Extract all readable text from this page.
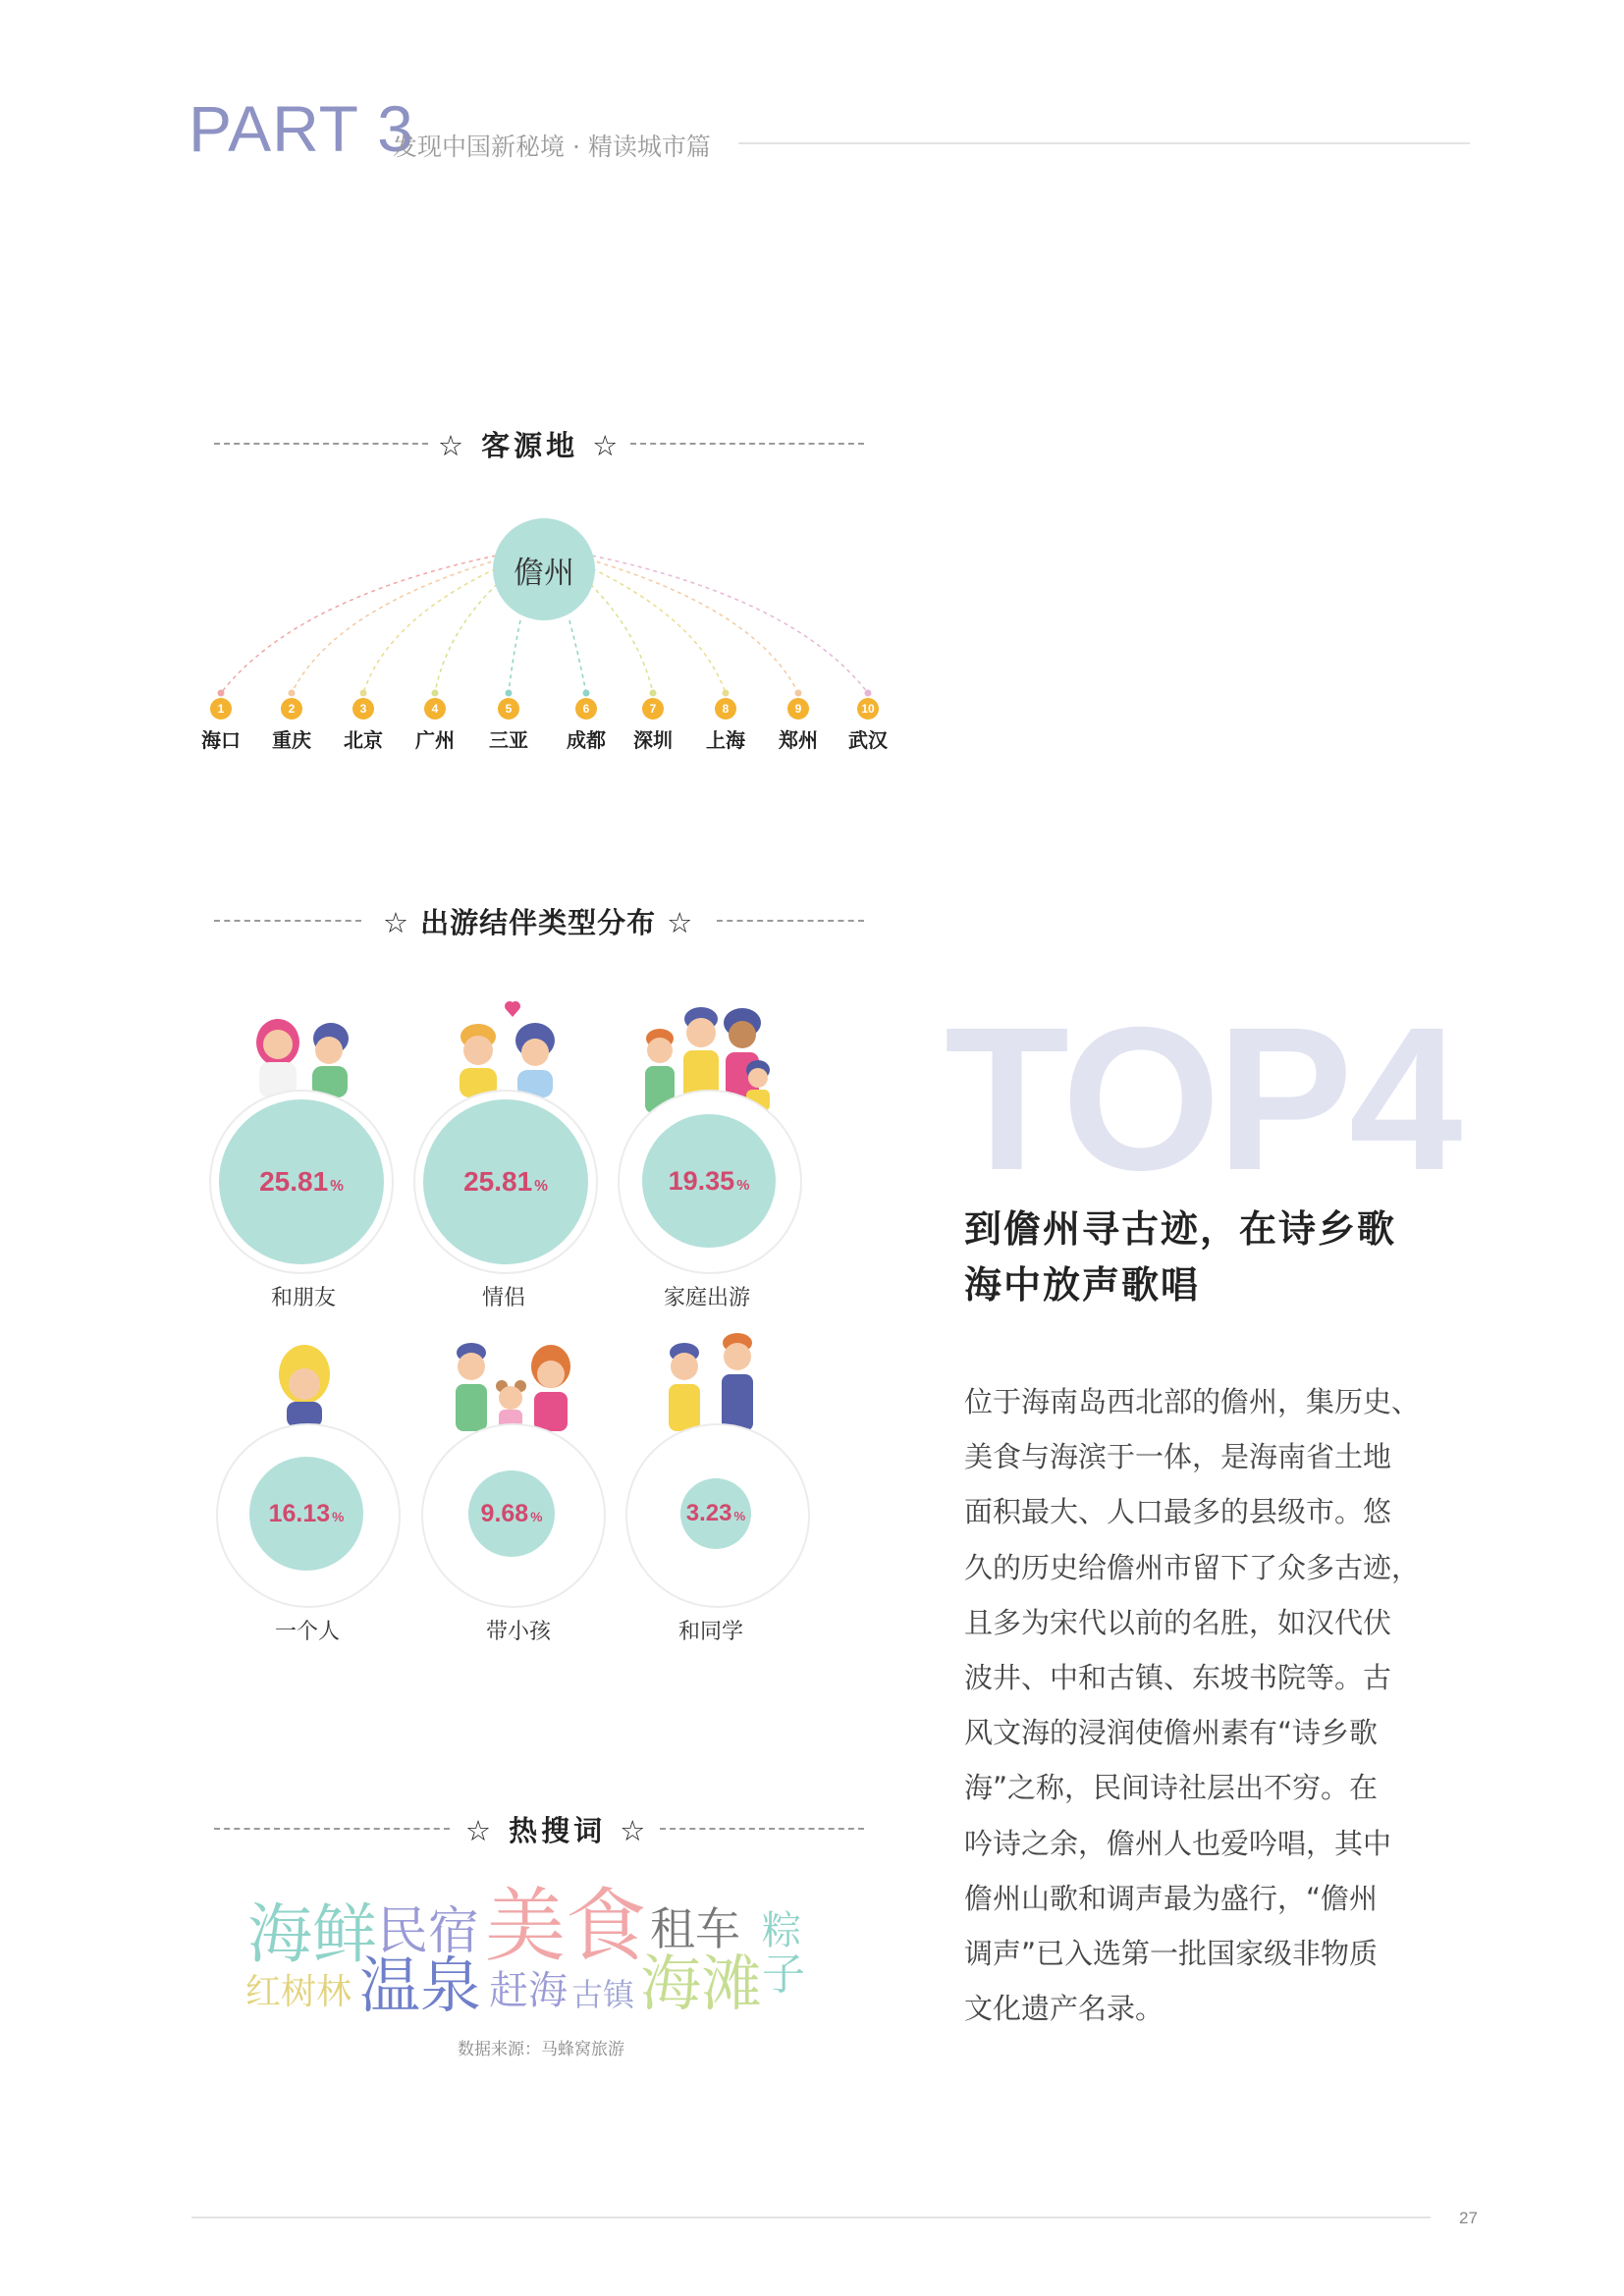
PART 3
发现中国新秘境 · 精读城市篇
☆ 客源地 ☆
儋州
1
海口
2
重庆
3
北京
4
广州
5
三亚
6
成都
7
深圳
8
上海
9
郑州
10
武汉
☆ 出游结伴类型分布 ☆
25.81 %
和朋友
25.81 %
情侣
19.35 %
家庭出游
16.13 %
一个人
9.68 %
带小孩
3.23 %
和同学
☆ 热搜词 ☆
海鲜 民宿 美食 租车 粽
子
红树林 温泉 赶海 古镇 海滩
数据来源：马蜂窝旅游
TOP4
到儋州寻古迹，在诗乡歌
海中放声歌唱
位于海南岛西北部的儋州，集历史、
美食与海滨于一体，是海南省土地
面积最大、人口最多的县级市。悠
久的历史给儋州市留下了众多古迹，
且多为宋代以前的名胜，如汉代伏
波井、中和古镇、东坡书院等。古
风文海的浸润使儋州素有“诗乡歌
海”之称，民间诗社层出不穷。在
吟诗之余，儋州人也爱吟唱，其中
儋州山歌和调声最为盛行，“儋州
调声”已入选第一批国家级非物质
文化遗产名录。
27
